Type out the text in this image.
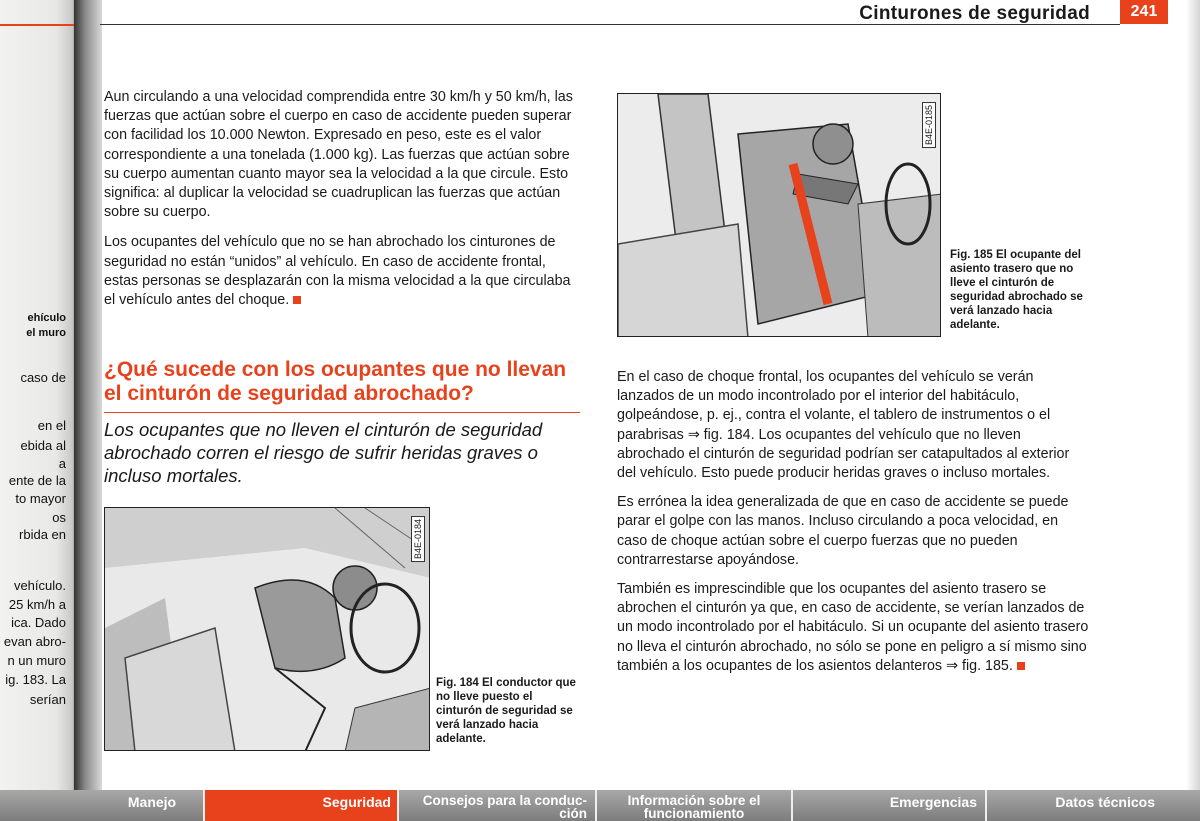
ehículo
el muro
caso de
en el
ebida al
a
ente de la
to mayor
os
rbida en
vehículo.
25 km/h a
ica. Dado
evan abro-
n un muro
ig. 183. La
serían
Cinturones de seguridad	241

Aun circulando a una velocidad comprendida entre 30 km/h y 50 km/h, las fuerzas que actúan sobre el cuerpo en caso de accidente pueden superar con facilidad los 10.000 Newton. Expresado en peso, este es el valor correspondiente a una tonelada (1.000 kg). Las fuerzas que actúan sobre su cuerpo aumentan cuanto mayor sea la velocidad a la que circule. Esto significa: al duplicar la velocidad se cuadruplican las fuerzas que actúan sobre su cuerpo.

Los ocupantes del vehículo que no se han abrochado los cinturones de seguridad no están “unidos” al vehículo. En caso de accidente frontal, estas personas se desplazarán con la misma velocidad a la que circulaba el vehículo antes del choque.

¿Qué sucede con los ocupantes que no llevan el cinturón de seguridad abrochado?

Los ocupantes que no lleven el cinturón de seguridad abrochado corren el riesgo de sufrir heridas graves o incluso mortales.

B4E-0184
Fig. 184 El conductor que no lleve puesto el cinturón de seguridad se verá lanzado hacia adelante.
B4E-0185
Fig. 185 El ocupante del asiento trasero que no lleve el cinturón de seguridad abrochado se verá lanzado hacia adelante.

En el caso de choque frontal, los ocupantes del vehículo se verán lanzados de un modo incontrolado por el interior del habitáculo, golpeándose, p. ej., contra el volante, el tablero de instrumentos o el parabrisas ⇒ fig. 184. Los ocupantes del vehículo que no lleven abrochado el cinturón de seguridad podrían ser catapultados al exterior del vehículo. Esto puede producir heridas graves o incluso mortales.

Es errónea la idea generalizada de que en caso de accidente se puede parar el golpe con las manos. Incluso circulando a poca velocidad, en caso de choque actúan sobre el cuerpo fuerzas que no pueden contrarrestarse apoyándose.

También es imprescindible que los ocupantes del asiento trasero se abrochen el cinturón ya que, en caso de accidente, se verían lanzados de un modo incontrolado por el habitáculo. Si un ocupante del asiento trasero no lleva el cinturón abrochado, no sólo se pone en peligro a sí mismo sino también a los ocupantes de los asientos delanteros ⇒ fig. 185.

Manejo	Seguridad	Consejos para la conduc- ción
Información sobre el funcionamiento
Emergencias	Datos técnicos
